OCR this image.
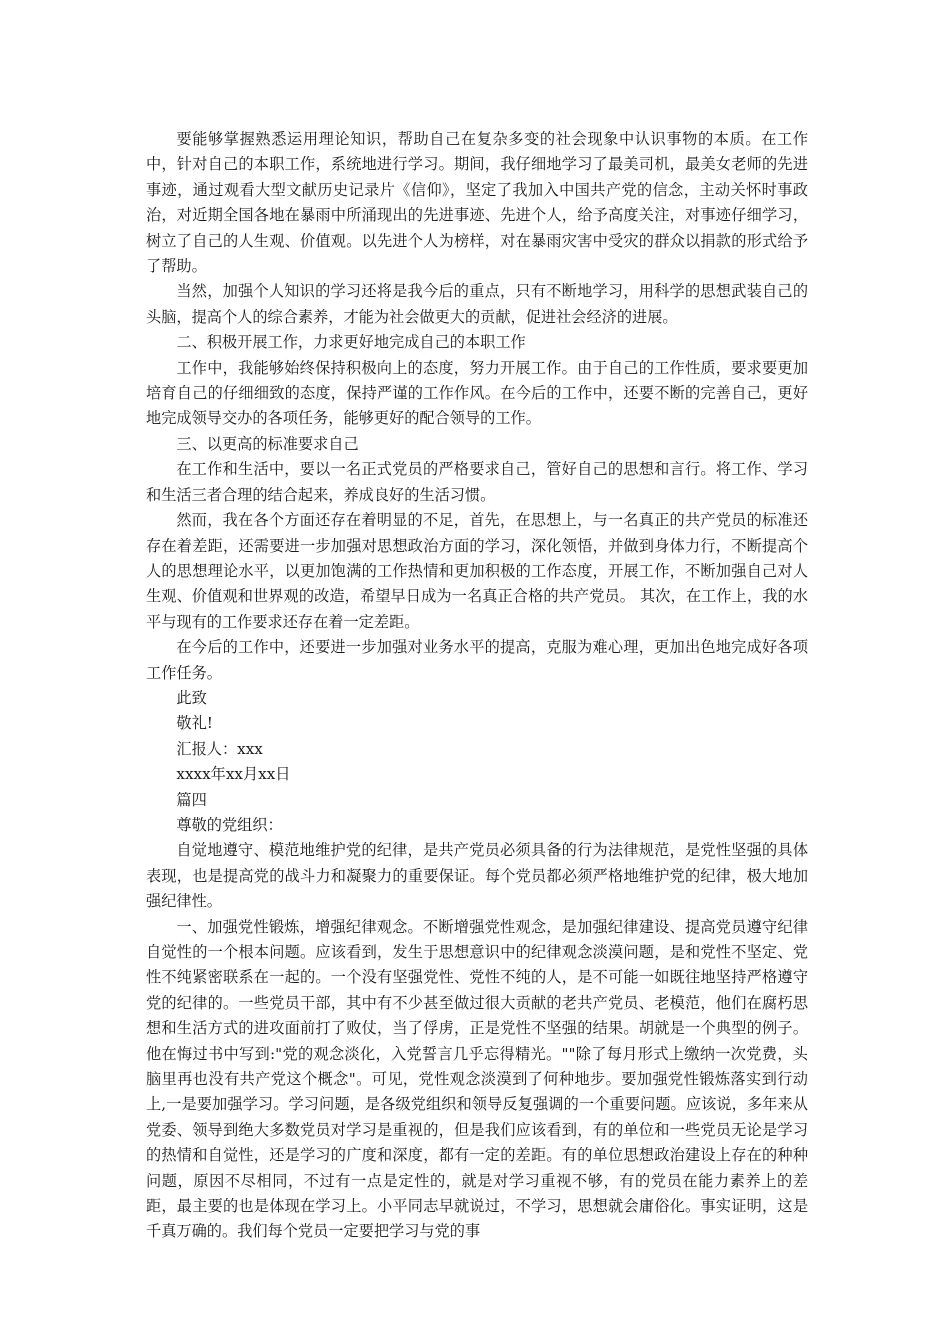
要能够掌握熟悉运用理论知识，帮助自己在复杂多变的社会现象中认识事物的本质。在工作中，针对自己的本职工作，系统地进行学习。期间，我仔细地学习了最美司机，最美女老师的先进事迹，通过观看大型文献历史记录片《信仰》，坚定了我加入中国共产党的信念，主动关怀时事政治，对近期全国各地在暴雨中所涌现出的先进事迹、先进个人，给予高度关注，对事迹仔细学习，树立了自己的人生观、价值观。以先进个人为榜样，对在暴雨灾害中受灾的群众以捐款的形式给予了帮助。

当然，加强个人知识的学习还将是我今后的重点，只有不断地学习，用科学的思想武装自己的头脑，提高个人的综合素养，才能为社会做更大的贡献，促进社会经济的进展。

二、积极开展工作，力求更好地完成自己的本职工作

工作中，我能够始终保持积极向上的态度，努力开展工作。由于自己的工作性质，要求要更加培育自己的仔细细致的态度，保持严谨的工作作风。在今后的工作中，还要不断的完善自己，更好地完成领导交办的各项任务，能够更好的配合领导的工作。

三、以更高的标准要求自己

在工作和生活中，要以一名正式党员的严格要求自己，管好自己的思想和言行。将工作、学习和生活三者合理的结合起来，养成良好的生活习惯。

然而，我在各个方面还存在着明显的不足，首先，在思想上，与一名真正的共产党员的标准还存在着差距，还需要进一步加强对思想政治方面的学习，深化领悟，并做到身体力行，不断提高个人的思想理论水平，以更加饱满的工作热情和更加积极的工作态度，开展工作，不断加强自己对人生观、价值观和世界观的改造，希望早日成为一名真正合格的共产党员。 其次，在工作上，我的水平与现有的工作要求还存在着一定差距。

在今后的工作中，还要进一步加强对业务水平的提高，克服为难心理，更加出色地完成好各项工作任务。

此致

敬礼!

汇报人：xxx

xxxx年xx月xx日

篇四

尊敬的党组织：

自觉地遵守、模范地维护党的纪律，是共产党员必须具备的行为法律规范，是党性坚强的具体表现，也是提高党的战斗力和凝聚力的重要保证。每个党员都必须严格地维护党的纪律，极大地加强纪律性。

一、加强党性锻炼，增强纪律观念。不断增强党性观念，是加强纪律建设、提高党员遵守纪律自觉性的一个根本问题。应该看到，发生于思想意识中的纪律观念淡漠问题，是和党性不坚定、党性不纯紧密联系在一起的。一个没有坚强党性、党性不纯的人，是不可能一如既往地坚持严格遵守党的纪律的。一些党员干部，其中有不少甚至做过很大贡献的老共产党员、老模范，他们在腐朽思想和生活方式的进攻面前打了败仗，当了俘虏，正是党性不坚强的结果。胡就是一个典型的例子。他在悔过书中写到:"党的观念淡化，入党誓言几乎忘得精光。""除了每月形式上缴纳一次党费，头脑里再也没有共产党这个概念"。可见，党性观念淡漠到了何种地步。要加强党性锻炼落实到行动上,一是要加强学习。学习问题，是各级党组织和领导反复强调的一个重要问题。应该说，多年来从党委、领导到绝大多数党员对学习是重视的，但是我们应该看到，有的单位和一些党员无论是学习的热情和自觉性，还是学习的广度和深度，都有一定的差距。有的单位思想政治建设上存在的种种问题，原因不尽相同，不过有一点是定性的，就是对学习重视不够，有的党员在能力素养上的差距，最主要的也是体现在学习上。小平同志早就说过，不学习，思想就会庸俗化。事实证明，这是千真万确的。我们每个党员一定要把学习与党的事
